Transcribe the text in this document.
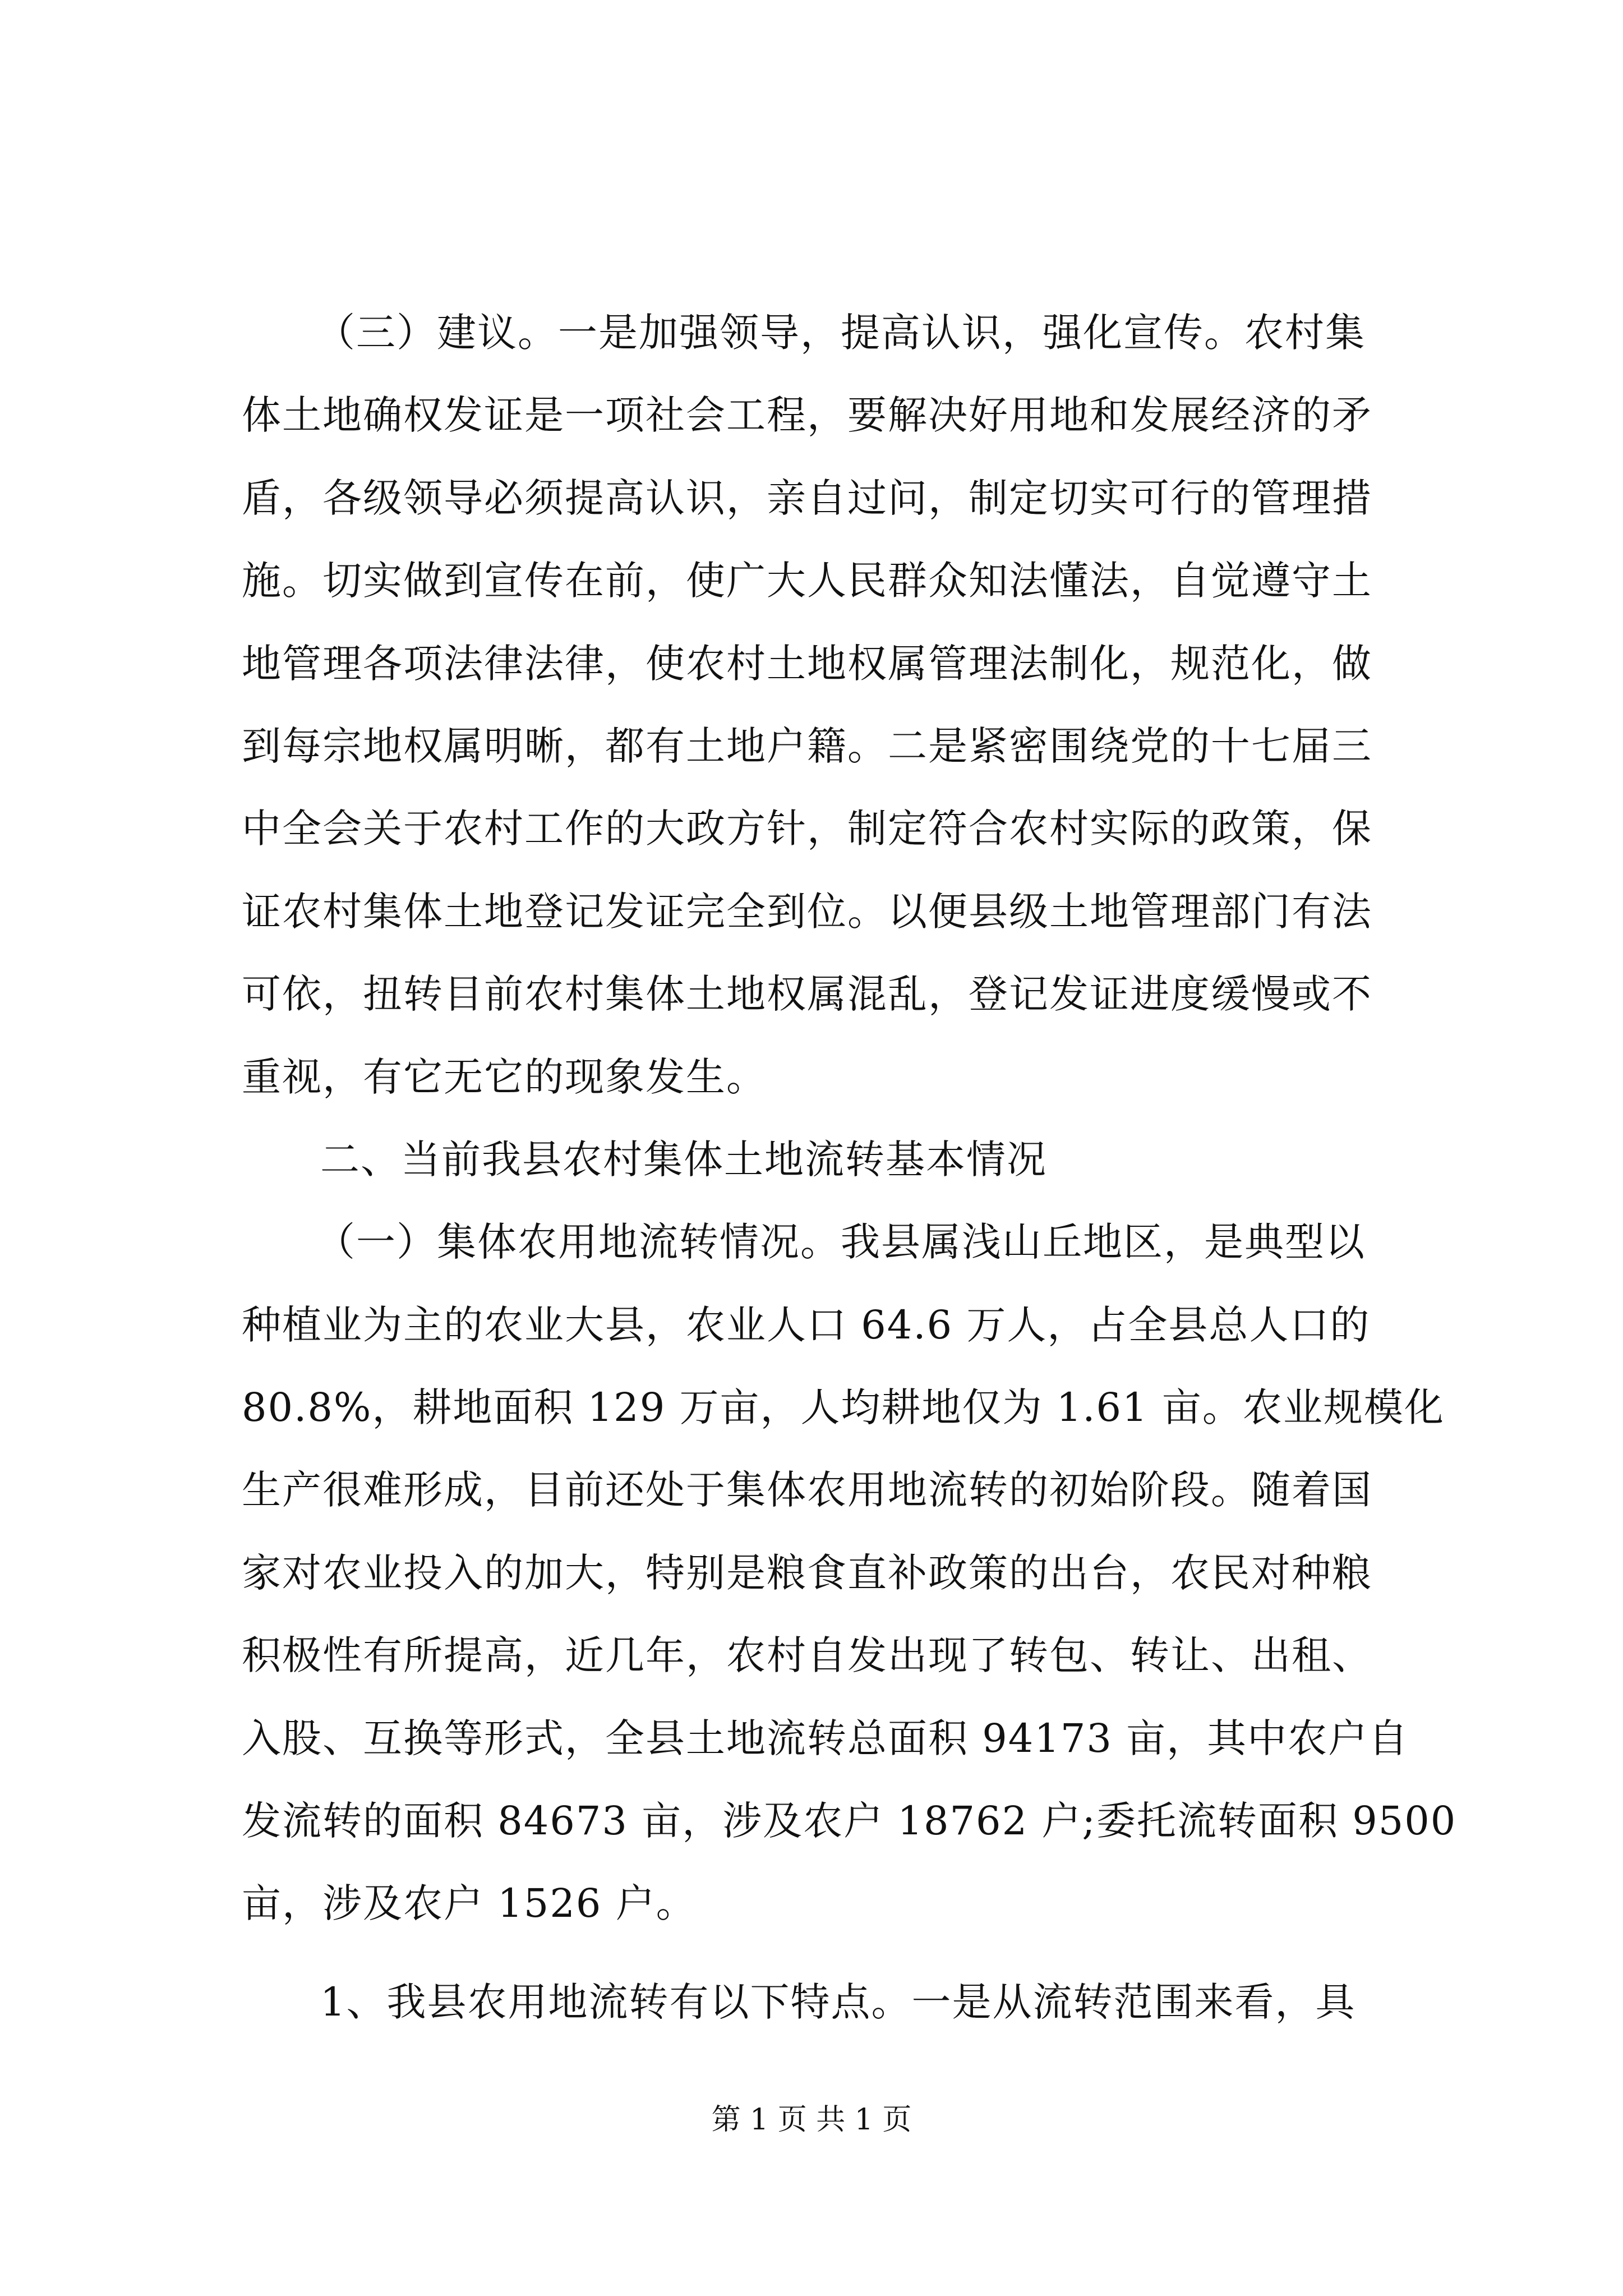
（三）建议。一是加强领导，提高认识，强化宣传。农村集
体土地确权发证是一项社会工程，要解决好用地和发展经济的矛
盾，各级领导必须提高认识，亲自过问，制定切实可行的管理措
施。切实做到宣传在前，使广大人民群众知法懂法，自觉遵守土
地管理各项法律法律，使农村土地权属管理法制化，规范化，做
到每宗地权属明晰，都有土地户籍。二是紧密围绕党的十七届三
中全会关于农村工作的大政方针，制定符合农村实际的政策，保
证农村集体土地登记发证完全到位。以便县级土地管理部门有法
可依，扭转目前农村集体土地权属混乱，登记发证进度缓慢或不
重视，有它无它的现象发生。
二、当前我县农村集体土地流转基本情况
（一）集体农用地流转情况。我县属浅山丘地区，是典型以
种植业为主的农业大县，农业人口 64.6 万人，占全县总人口的
80.8%，耕地面积 129 万亩，人均耕地仅为 1.61 亩。农业规模化
生产很难形成，目前还处于集体农用地流转的初始阶段。随着国
家对农业投入的加大，特别是粮食直补政策的出台，农民对种粮
积极性有所提高，近几年，农村自发出现了转包、转让、出租、
入股、互换等形式，全县土地流转总面积 94173 亩，其中农户自
发流转的面积 84673 亩，涉及农户 18762 户;委托流转面积 9500
亩，涉及农户 1526 户。
1、我县农用地流转有以下特点。一是从流转范围来看，具
第 1 页 共 1 页
